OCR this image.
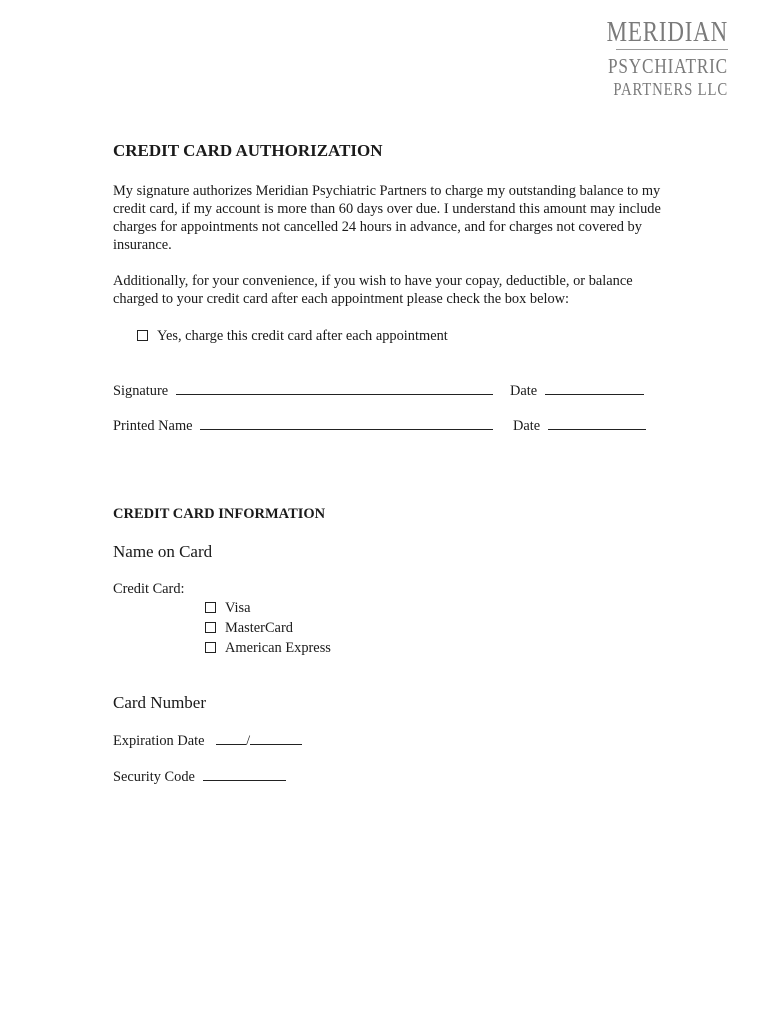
MERIDIAN
PSYCHIATRIC
PARTNERS LLC
CREDIT CARD AUTHORIZATION
My signature authorizes Meridian Psychiatric Partners to charge my outstanding balance to my credit card, if my account is more than 60 days over due. I understand this amount may include charges for appointments not cancelled 24 hours in advance, and for charges not covered by insurance.
Additionally, for your convenience, if you wish to have your copay, deductible, or balance charged to your credit card after each appointment please check the box below:
Yes, charge this credit card after each appointment
Signature	Date
Printed Name	Date
CREDIT CARD INFORMATION
Name on Card
Credit Card:
Visa
MasterCard
American Express
Card Number
Expiration Date	/
Security Code
